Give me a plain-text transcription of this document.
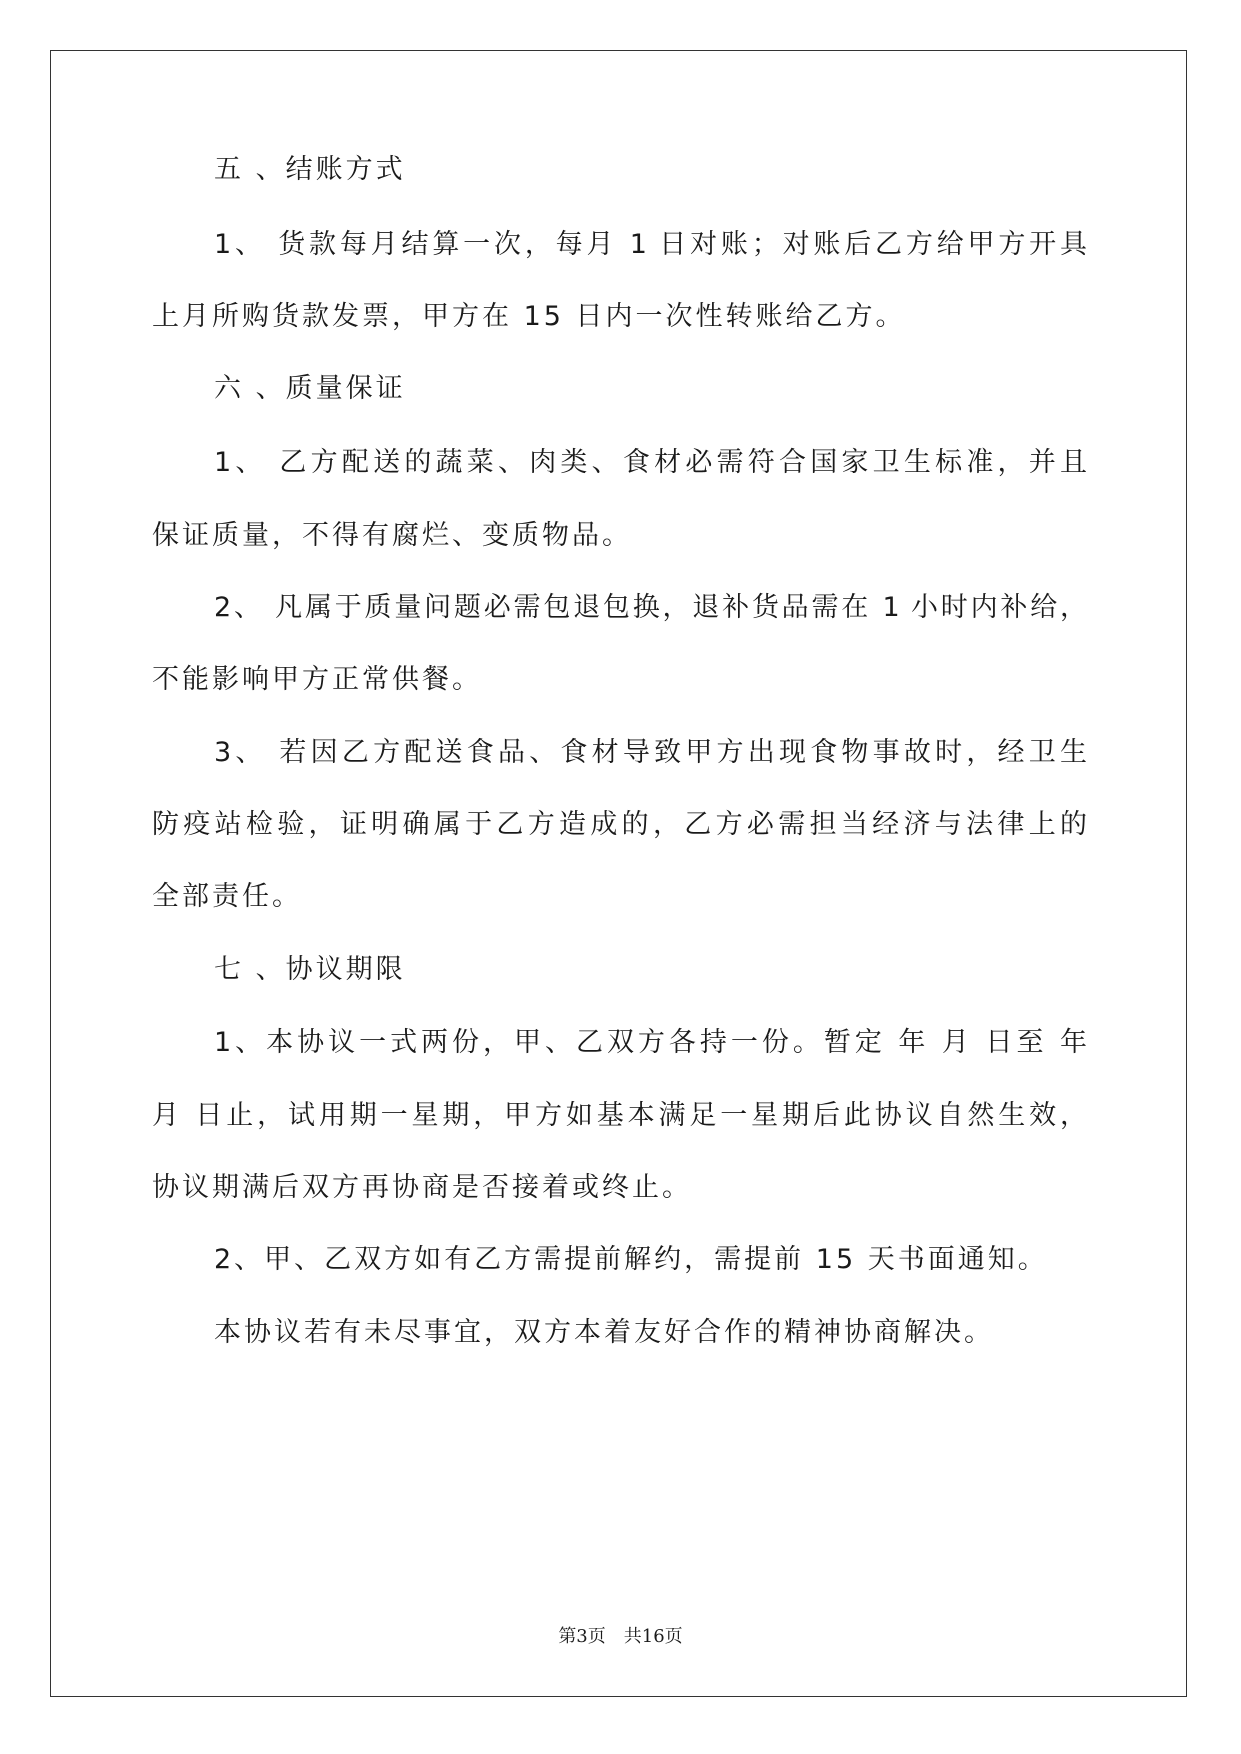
五 、结账方式
1、 货款每月结算一次，每月 1 日对账；对账后乙方给甲方开具
上月所购货款发票，甲方在 15 日内一次性转账给乙方。
六 、质量保证
1、 乙方配送的蔬菜、肉类、食材必需符合国家卫生标准，并且
保证质量，不得有腐烂、变质物品。
2、 凡属于质量问题必需包退包换，退补货品需在 1 小时内补给，
不能影响甲方正常供餐。
3、 若因乙方配送食品、食材导致甲方出现食物事故时，经卫生
防疫站检验，证明确属于乙方造成的，乙方必需担当经济与法律上的
全部责任。
七 、协议期限
1、本协议一式两份，甲、乙双方各持一份。暂定 年 月 日至 年
月 日止，试用期一星期，甲方如基本满足一星期后此协议自然生效，
协议期满后双方再协商是否接着或终止。
2、甲、乙双方如有乙方需提前解约，需提前 15 天书面通知。
本协议若有未尽事宜，双方本着友好合作的精神协商解决。
第3页　共16页
